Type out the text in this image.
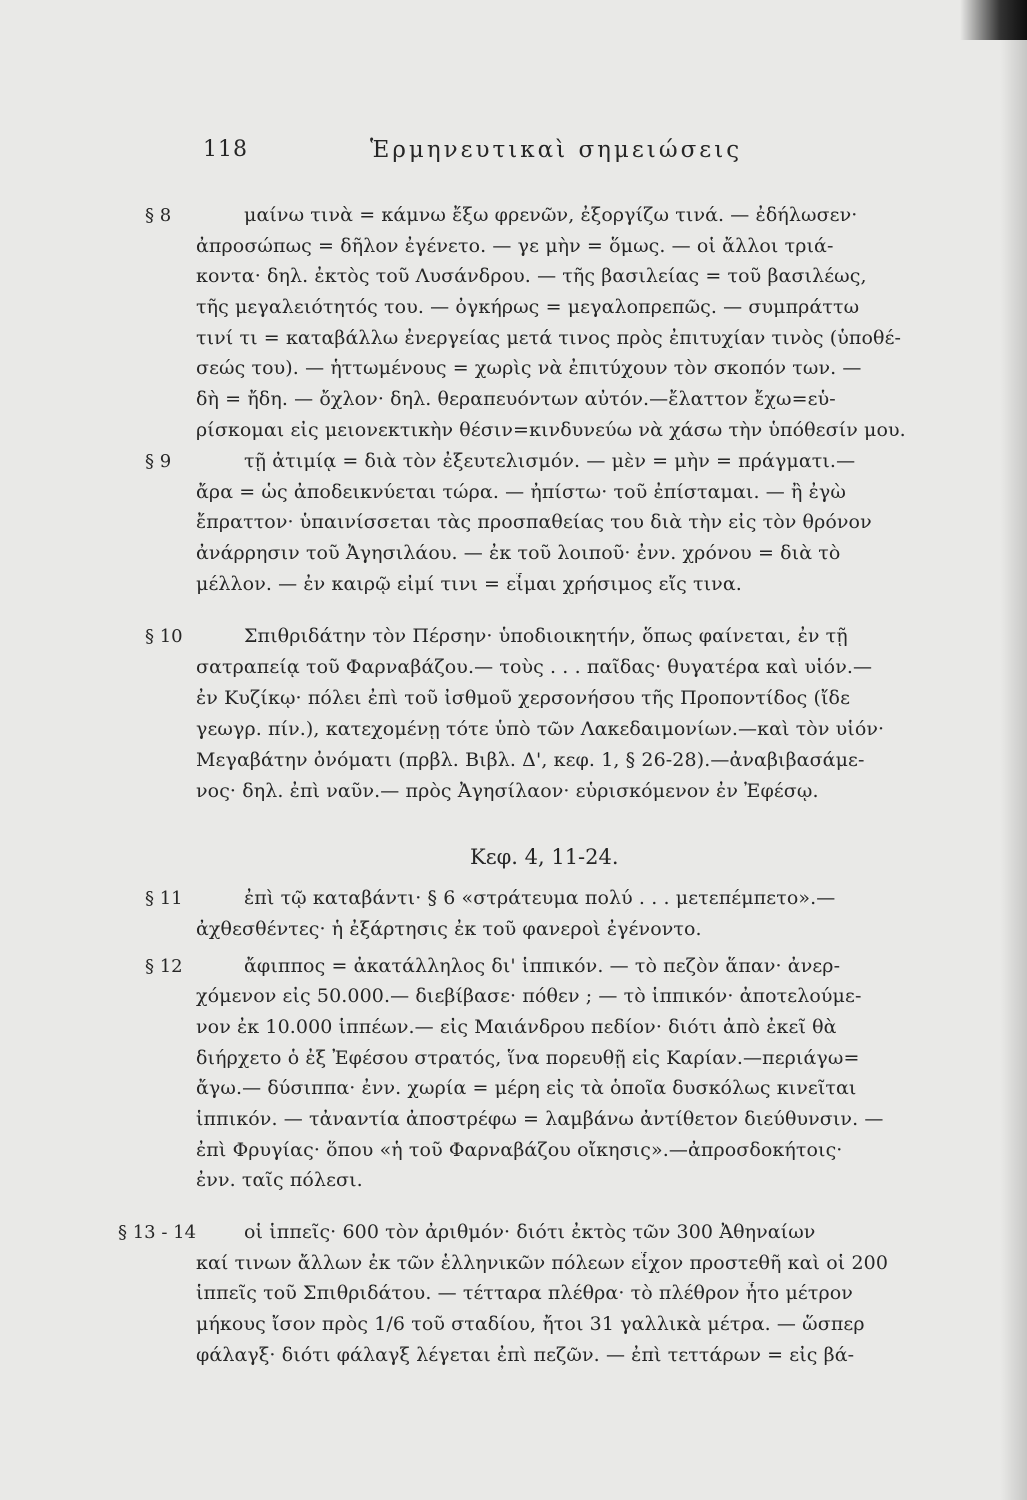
118	Ἑρμηνευτικαὶ σημειώσεις
§ 8	μαίνω τινὰ = κάμνω ἔξω φρενῶν, ἐξοργίζω τινά. — ἐδήλωσεν·
ἀπροσώπως = δῆλον ἐγένετο. — γε μὴν = ὅμως. — οἱ ἄλλοι τριά-
κοντα· δηλ. ἐκτὸς τοῦ Λυσάνδρου. — τῆς βασιλείας = τοῦ βασιλέως,
τῆς μεγαλειότητός του. — ὀγκήρως = μεγαλοπρεπῶς. — συμπράττω
τινί τι = καταβάλλω ἐνεργείας μετά τινος πρὸς ἐπιτυχίαν τινὸς (ὑποθέ-
σεώς του). — ἡττωμένους = χωρὶς νὰ ἐπιτύχουν τὸν σκοπόν των. —
δὴ = ἤδη. — ὄχλον· δηλ. θεραπευόντων αὐτόν.—ἔλαττον ἔχω=εὑ-
ρίσκομαι εἰς μειονεκτικὴν θέσιν=κινδυνεύω νὰ χάσω τὴν ὑπόθεσίν μου.
§ 9	τῇ ἀτιμίᾳ = διὰ τὸν ἐξευτελισμόν. — μὲν = μὴν = πράγματι.—
ἄρα = ὡς ἀποδεικνύεται τώρα. — ἠπίστω· τοῦ ἐπίσταμαι. — ἢ ἐγὼ
ἔπραττον· ὑπαινίσσεται τὰς προσπαθείας του διὰ τὴν εἰς τὸν θρόνον
ἀνάρρησιν τοῦ Ἀγησιλάου. — ἐκ τοῦ λοιποῦ· ἐνν. χρόνου = διὰ τὸ
μέλλον. — ἐν καιρῷ εἰμί τινι = εἶμαι χρήσιμος εἴς τινα.
§ 10	Σπιθριδάτην τὸν Πέρσην· ὑποδιοικητήν, ὅπως φαίνεται, ἐν τῇ
σατραπείᾳ τοῦ Φαρναβάζου.— τοὺς . . . παῖδας· θυγατέρα καὶ υἱόν.—
ἐν Κυζίκῳ· πόλει ἐπὶ τοῦ ἰσθμοῦ χερσονήσου τῆς Προποντίδος (ἴδε
γεωγρ. πίν.), κατεχομένῃ τότε ὑπὸ τῶν Λακεδαιμονίων.—καὶ τὸν υἱόν·
Μεγαβάτην ὀνόματι (πρβλ. Βιβλ. Δ', κεφ. 1, § 26-28).—ἀναβιβασάμε-
νος· δηλ. ἐπὶ ναῦν.— πρὸς Ἀγησίλαον· εὑρισκόμενον ἐν Ἐφέσῳ.
Κεφ. 4, 11-24.
§ 11	ἐπὶ τῷ καταβάντι· § 6 «στράτευμα πολύ . . . μετεπέμπετο».—
ἀχθεσθέντες· ἡ ἐξάρτησις ἐκ τοῦ φανεροὶ ἐγένοντο.
§ 12	ἄφιππος = ἀκατάλληλος δι' ἱππικόν. — τὸ πεζὸν ἅπαν· ἀνερ-
χόμενον εἰς 50.000.— διεβίβασε· πόθεν ; — τὸ ἱππικόν· ἀποτελούμε-
νον ἐκ 10.000 ἱππέων.— εἰς Μαιάνδρου πεδίον· διότι ἀπὸ ἐκεῖ θὰ
διήρχετο ὁ ἐξ Ἐφέσου στρατός, ἵνα πορευθῇ εἰς Καρίαν.—περιάγω=
ἄγω.— δύσιππα· ἐνν. χωρία = μέρη εἰς τὰ ὁποῖα δυσκόλως κινεῖται
ἱππικόν. — τἀναντία ἀποστρέφω = λαμβάνω ἀντίθετον διεύθυνσιν. —
ἐπὶ Φρυγίας· ὅπου «ἡ τοῦ Φαρναβάζου οἴκησις».—ἀπροσδοκήτοις·
ἐνν. ταῖς πόλεσι.
§ 13 - 14	οἱ ἱππεῖς· 600 τὸν ἀριθμόν· διότι ἐκτὸς τῶν 300 Ἀθηναίων
καί τινων ἄλλων ἐκ τῶν ἑλληνικῶν πόλεων εἶχον προστεθῆ καὶ οἱ 200
ἱππεῖς τοῦ Σπιθριδάτου. — τέτταρα πλέθρα· τὸ πλέθρον ἦτο μέτρον
μήκους ἴσον πρὸς 1/6 τοῦ σταδίου, ἤτοι 31 γαλλικὰ μέτρα. — ὥσπερ
φάλαγξ· διότι φάλαγξ λέγεται ἐπὶ πεζῶν. — ἐπὶ τεττάρων = εἰς βά-
